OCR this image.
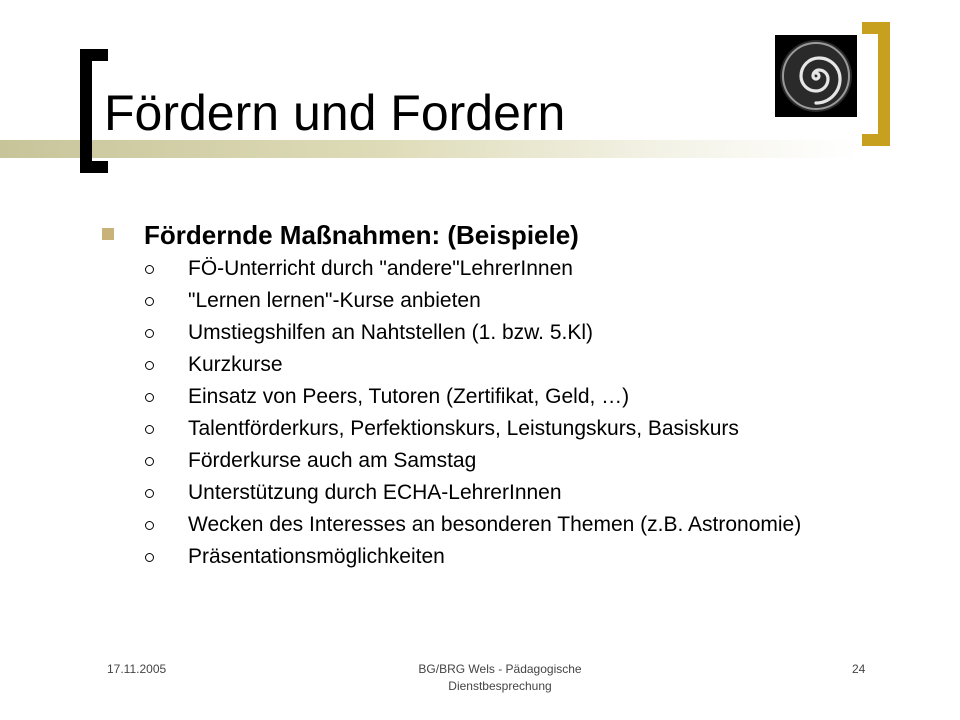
Fördern und Fordern
Fördernde Maßnahmen: (Beispiele)
FÖ-Unterricht durch "andere"LehrerInnen
"Lernen lernen"-Kurse anbieten
Umstiegshilfen an Nahtstellen (1. bzw. 5.Kl)
Kurzkurse
Einsatz von Peers, Tutoren (Zertifikat, Geld, …)
Talentförderkurs, Perfektionskurs, Leistungskurs, Basiskurs
Förderkurse auch am Samstag
Unterstützung durch ECHA-LehrerInnen
Wecken des Interesses an besonderen Themen (z.B. Astronomie)
Präsentationsmöglichkeiten
17.11.2005	BG/BRG Wels - Pädagogische Dienstbesprechung
24
